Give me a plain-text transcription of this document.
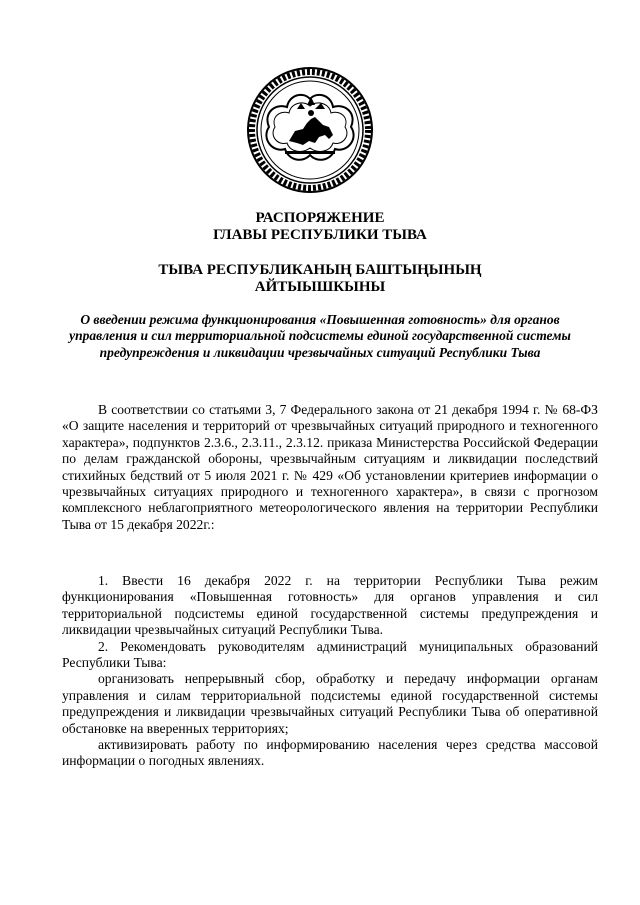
РАСПОРЯЖЕНИЕ
ГЛАВЫ РЕСПУБЛИКИ ТЫВА
ТЫВА РЕСПУБЛИКАНЫҢ БАШТЫҢЫНЫҢ
АЙТЫЫШКЫНЫ
О введении режима функционирования «Повышенная готовность» для органов управления и сил территориальной подсистемы единой государственной системы предупреждения и ликвидации чрезвычайных ситуаций Республики Тыва

В соответствии со статьями 3, 7 Федерального закона от 21 декабря 1994 г. № 68-ФЗ «О защите населения и территорий от чрезвычайных ситуаций природного и техногенного характера», подпунктов 2.3.6., 2.3.11., 2.3.12. приказа Министерства Российской Федерации по делам гражданской обороны, чрезвычайным ситуациям и ликвидации последствий стихийных бедствий от 5 июля 2021 г. № 429 «Об установлении критериев информации о чрезвычайных ситуациях природного и техногенного характера», в связи с прогнозом комплексного неблагоприятного метеорологического явления на территории Республики Тыва от 15 декабря 2022г.:

1. Ввести 16 декабря 2022 г. на территории Республики Тыва режим функционирования «Повышенная готовность» для органов управления и сил территориальной подсистемы единой государственной системы предупреждения и ликвидации чрезвычайных ситуаций Республики Тыва.

2. Рекомендовать руководителям администраций муниципальных образований Республики Тыва:

организовать непрерывный сбор, обработку и передачу информации органам управления и силам территориальной подсистемы единой государственной системы предупреждения и ликвидации чрезвычайных ситуаций Республики Тыва об оперативной обстановке на вверенных территориях;

активизировать работу по информированию населения через средства массовой информации о погодных явлениях.
